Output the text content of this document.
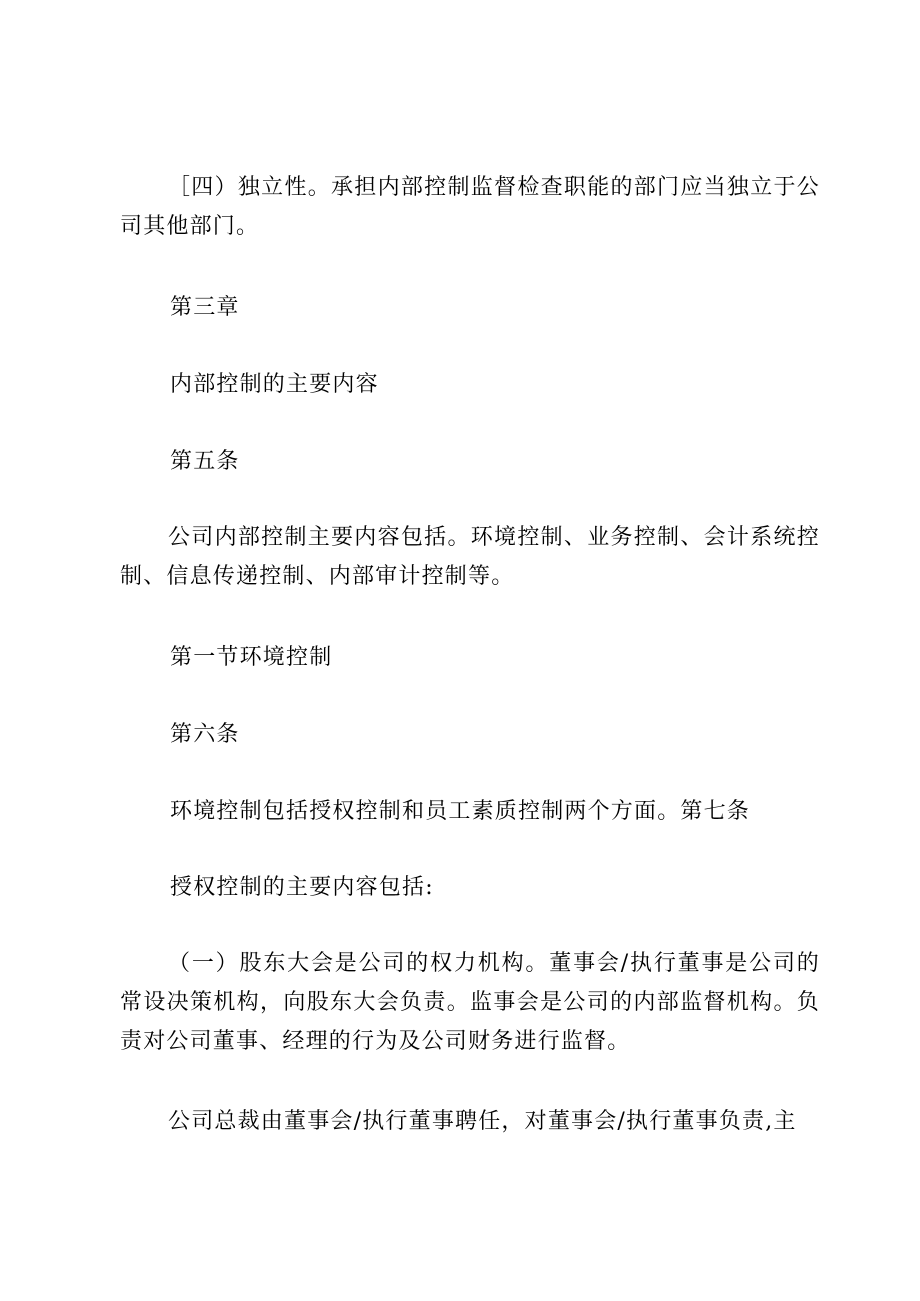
［四）独立性。承担内部控制监督检查职能的部门应当独立于公司其他部门。

第三章

内部控制的主要内容

第五条

公司内部控制主要内容包括。环境控制、业务控制、会计系统控制、信息传递控制、内部审计控制等。

第一节环境控制

第六条

环境控制包括授权控制和员工素质控制两个方面。第七条

授权控制的主要内容包括:

（一）股东大会是公司的权力机构。董事会/执行董事是公司的常设决策机构，向股东大会负责。监事会是公司的内部监督机构。负责对公司董事、经理的行为及公司财务进行监督。

公司总裁由董事会/执行董事聘任，对董事会/执行董事负责,主
